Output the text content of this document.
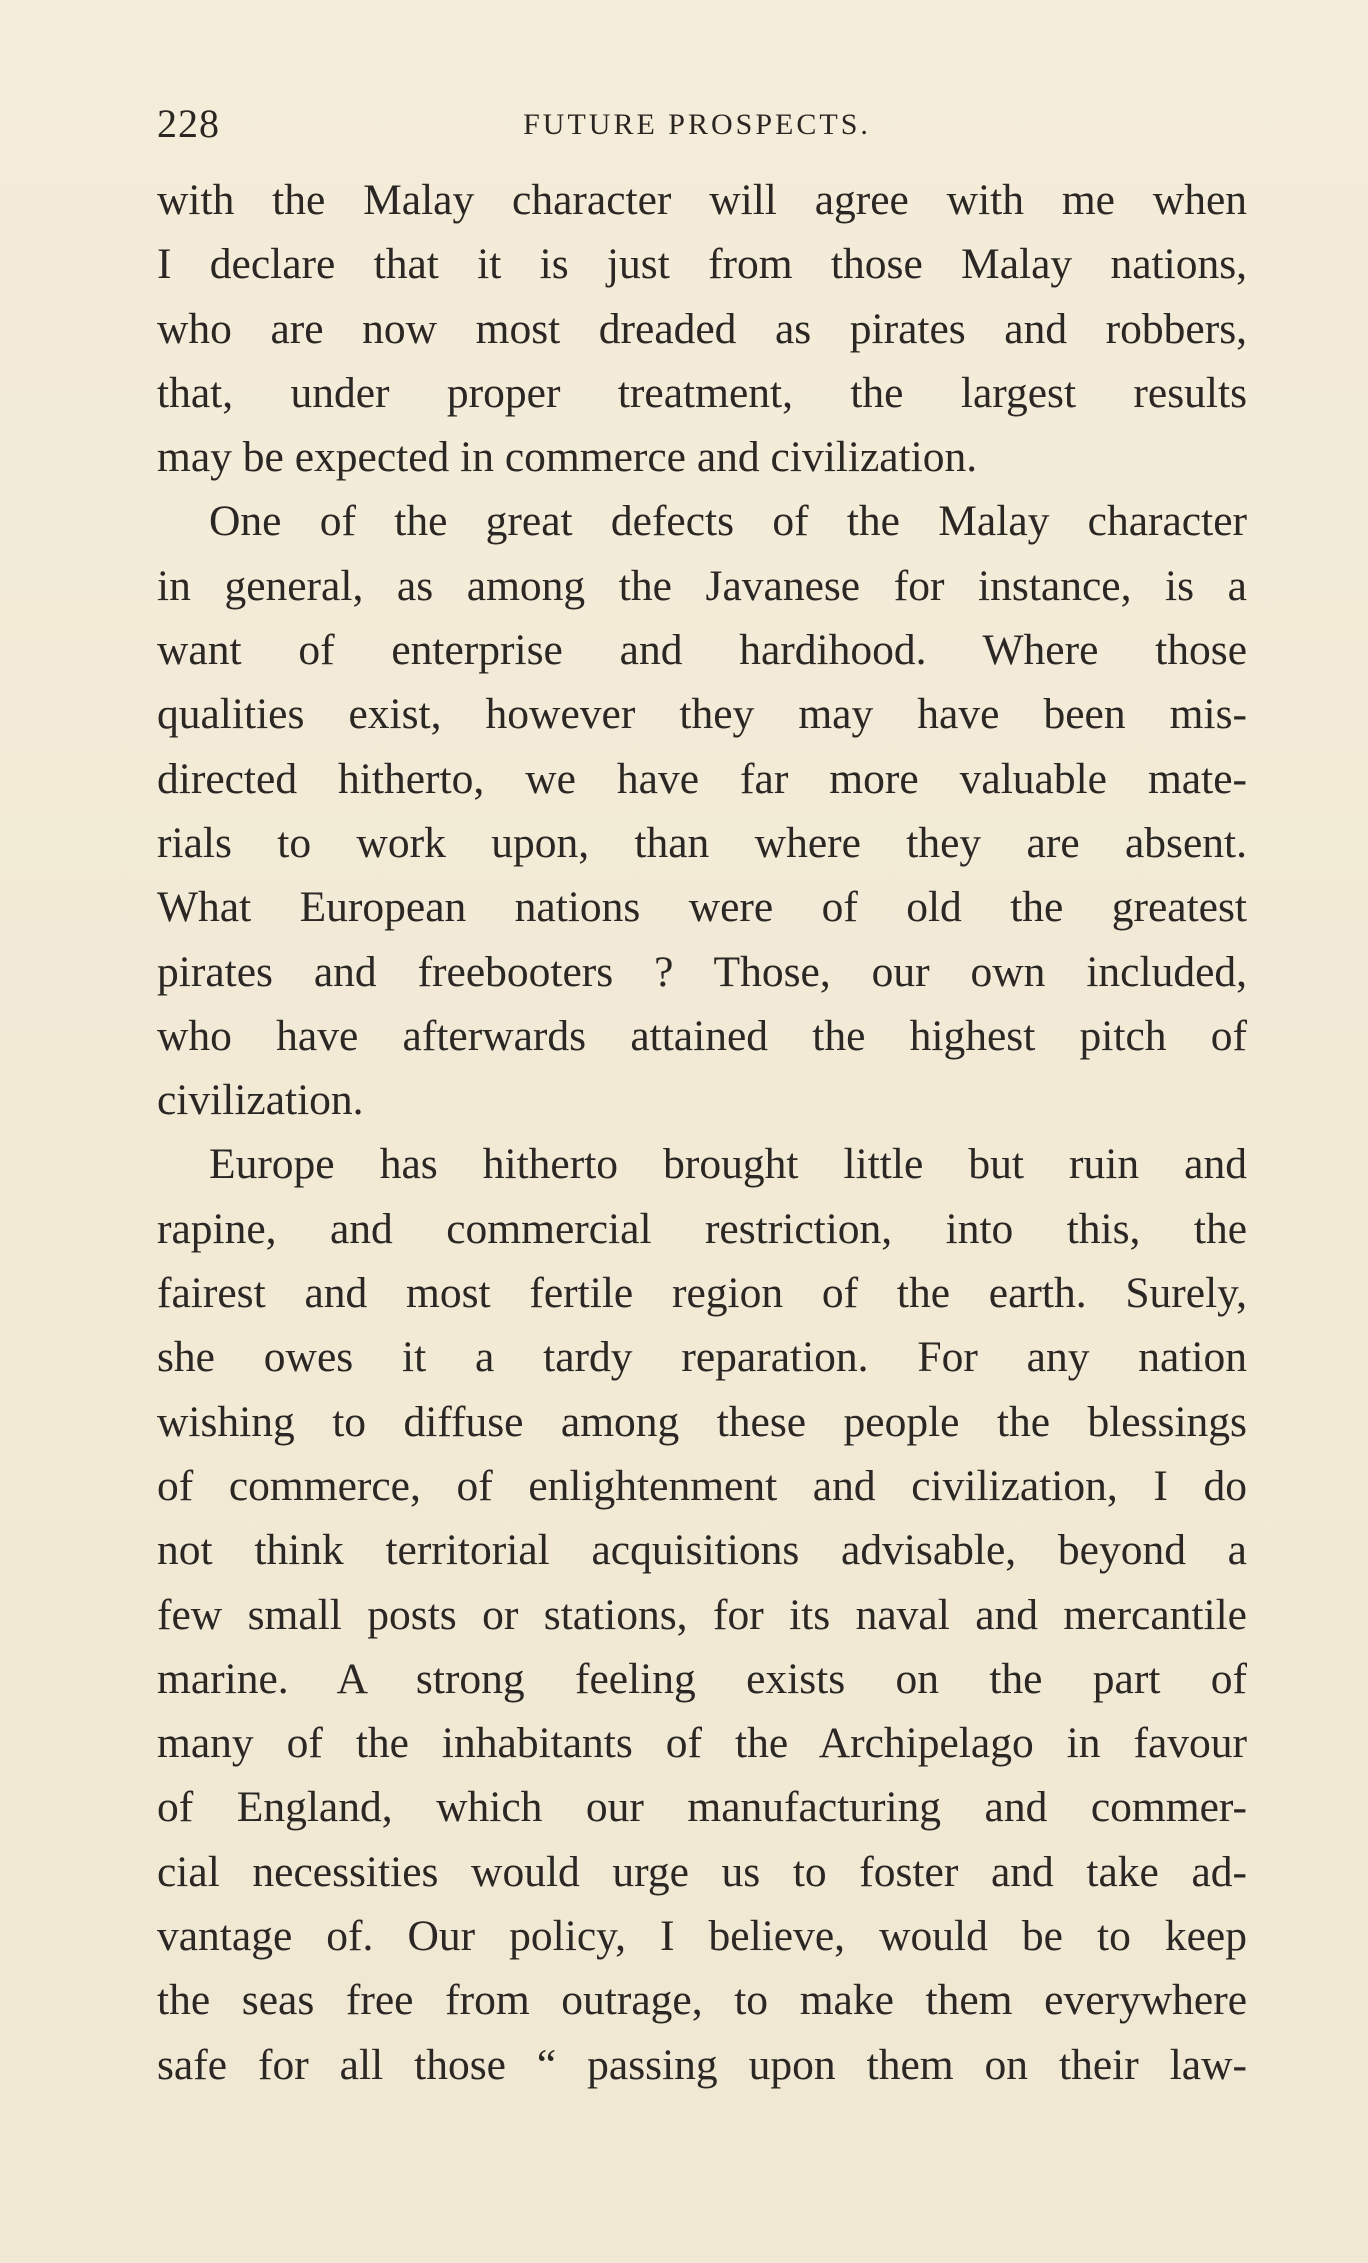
228	FUTURE PROSPECTS.
with the Malay character will agree with me when
I declare that it is just from those Malay nations,
who are now most dreaded as pirates and robbers,
that, under proper treatment, the largest results
may be expected in commerce and civilization.
One of the great defects of the Malay character
in general, as among the Javanese for instance, is a
want of enterprise and hardihood. Where those
qualities exist, however they may have been mis-
directed hitherto, we have far more valuable mate-
rials to work upon, than where they are absent.
What European nations were of old the greatest
pirates and freebooters ? Those, our own included,
who have afterwards attained the highest pitch of
civilization.
Europe has hitherto brought little but ruin and
rapine, and commercial restriction, into this, the
fairest and most fertile region of the earth. Surely,
she owes it a tardy reparation. For any nation
wishing to diffuse among these people the blessings
of commerce, of enlightenment and civilization, I do
not think territorial acquisitions advisable, beyond a
few small posts or stations, for its naval and mercantile
marine. A strong feeling exists on the part of
many of the inhabitants of the Archipelago in favour
of England, which our manufacturing and commer-
cial necessities would urge us to foster and take ad-
vantage of. Our policy, I believe, would be to keep
the seas free from outrage, to make them everywhere
safe for all those “ passing upon them on their law-
